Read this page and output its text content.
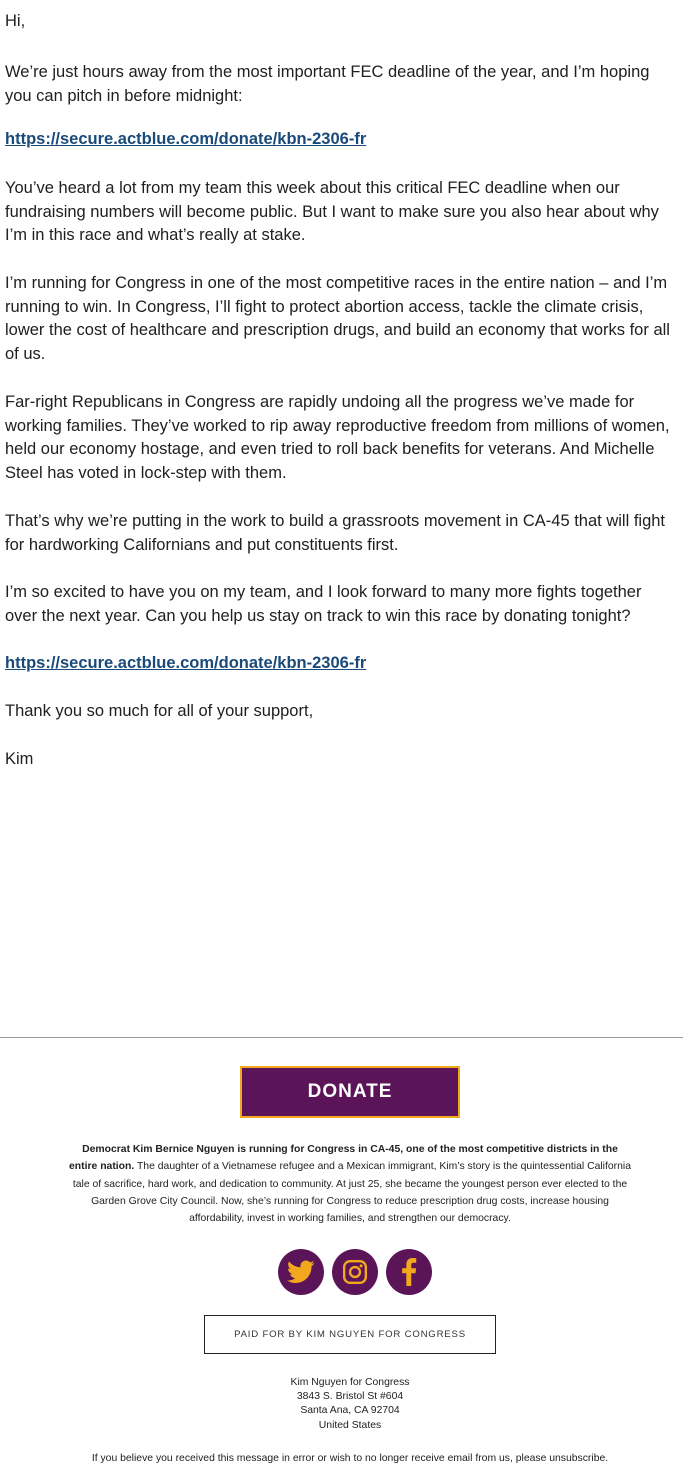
Hi,

We’re just hours away from the most important FEC deadline of the year, and I’m hoping

you can pitch in before midnight:

https://secure.actblue.com/donate/kbn-2306-fr

You’ve heard a lot from my team this week about this critical FEC deadline when our

fundraising numbers will become public. But I want to make sure you also hear about why

I’m in this race and what’s really at stake.

I’m running for Congress in one of the most competitive races in the entire nation – and I’m

running to win. In Congress, I’ll fight to protect abortion access, tackle the climate crisis,

lower the cost of healthcare and prescription drugs, and build an economy that works for all

of us.

Far-right Republicans in Congress are rapidly undoing all the progress we’ve made for

working families. They’ve worked to rip away reproductive freedom from millions of women,

held our economy hostage, and even tried to roll back benefits for veterans. And Michelle

Steel has voted in lock-step with them.

That’s why we’re putting in the work to build a grassroots movement in CA-45 that will fight

for hardworking Californians and put constituents first.

I’m so excited to have you on my team, and I look forward to many more fights together

over the next year. Can you help us stay on track to win this race by donating tonight?

https://secure.actblue.com/donate/kbn-2306-fr

Thank you so much for all of your support,

Kim

DONATE
Democrat Kim Bernice Nguyen is running for Congress in CA-45, one of the most competitive districts in the
entire nation. The daughter of a Vietnamese refugee and a Mexican immigrant, Kim’s story is the quintessential California
tale of sacrifice, hard work, and dedication to community. At just 25, she became the youngest person ever elected to the
Garden Grove City Council. Now, she’s running for Congress to reduce prescription drug costs, increase housing
affordability, invest in working families, and strengthen our democracy.
PAID FOR BY KIM NGUYEN FOR CONGRESS
Kim Nguyen for Congress
3843 S. Bristol St #604
Santa Ana, CA 92704
United States
If you believe you received this message in error or wish to no longer receive email from us, please unsubscribe.
